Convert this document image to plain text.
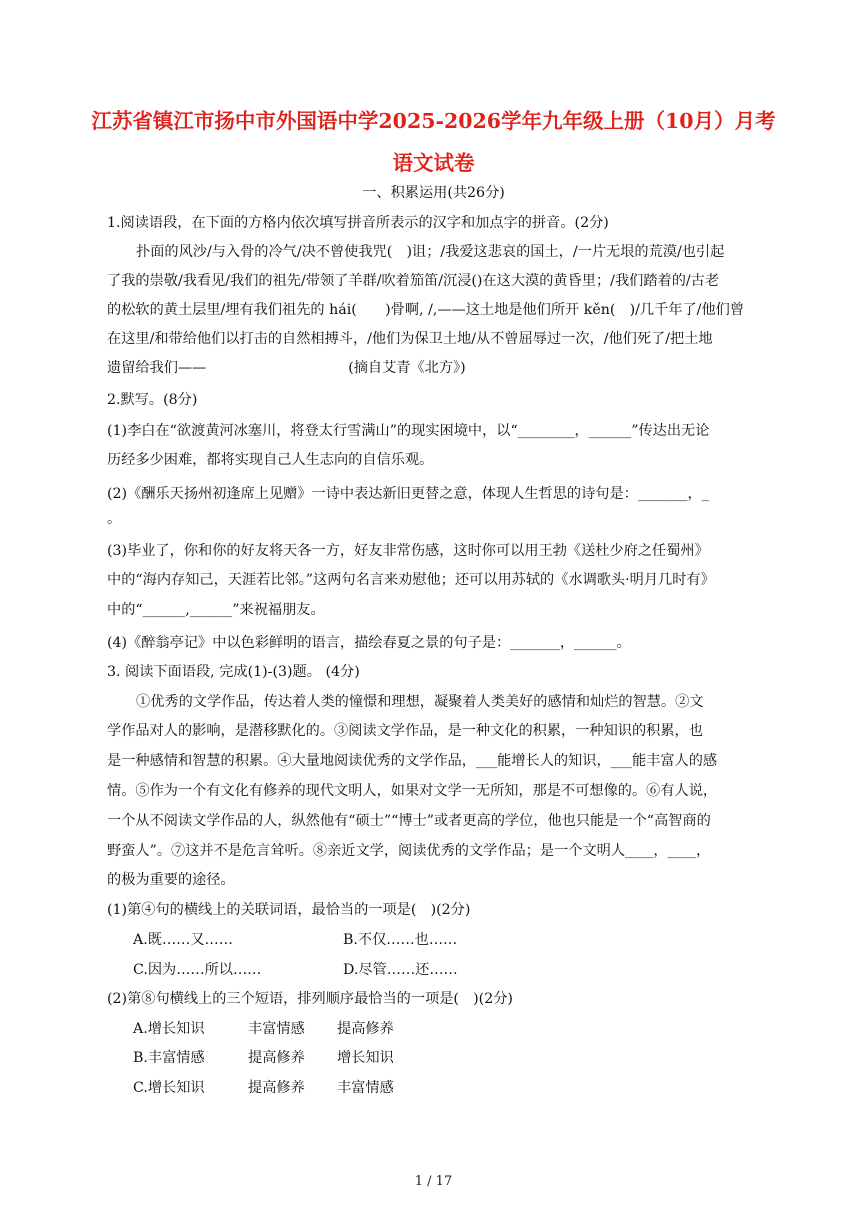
江苏省镇江市扬中市外国语中学2025-2026学年九年级上册（10月）月考
语文试卷
一、积累运用(共26分)
1.阅读语段，在下面的方格内依次填写拼音所表示的汉字和加点字的拼音。(2分)
扑面的风沙/与入骨的冷气/决不曾使我咒(　)诅；/我爱这悲哀的国土，/一片无垠的荒漠/也引起
了我的崇敬/我看见/我们的祖先/带领了羊群/吹着笳笛/沉浸()在这大漠的黄昏里；/我们踏着的/古老
的松软的黄土层里/埋有我们祖先的 hái(　　)骨啊, /,——这土地是他们所开 kěn(　)/几千年了/他们曾
在这里/和带给他们以打击的自然相搏斗，/他们为保卫土地/从不曾屈辱过一次，/他们死了/把土地
遗留给我们——　　　　　　　　　　(摘自艾青《北方》)
2.默写。(8分)
(1)李白在“欲渡黄河冰塞川，将登太行雪满山”的现实困境中，以“________，______”传达出无论
历经多少困难，都将实现自己人生志向的自信乐观。
(2)《酬乐天扬州初逢席上见赠》一诗中表达新旧更替之意，体现人生哲思的诗句是：_______，_
。
(3)毕业了，你和你的好友将天各一方，好友非常伤感，这时你可以用王勃《送杜少府之任蜀州》
中的“海内存知己，天涯若比邻。”这两句名言来劝慰他；还可以用苏轼的《水调歌头·明月几时有》
中的“______,______”来祝福朋友。
(4)《醉翁亭记》中以色彩鲜明的语言，描绘春夏之景的句子是：_______，______。
3. 阅读下面语段, 完成(1)-(3)题。 (4分)
①优秀的文学作品，传达着人类的憧憬和理想，凝聚着人类美好的感情和灿烂的智慧。②文
学作品对人的影响，是潜移默化的。③阅读文学作品，是一种文化的积累，一种知识的积累，也
是一种感情和智慧的积累。④大量地阅读优秀的文学作品，___能增长人的知识，___能丰富人的感
情。⑤作为一个有文化有修养的现代文明人，如果对文学一无所知，那是不可想像的。⑥有人说，
一个从不阅读文学作品的人，纵然他有“硕士”“博士”或者更高的学位，他也只能是一个“高智商的
野蛮人”。⑦这并不是危言耸听。⑧亲近文学，阅读优秀的文学作品；是一个文明人____，____，
的极为重要的途径。
(1)第④句的横线上的关联词语，最恰当的一项是(　)(2分)
A.既……又……	B.不仅……也……
C.因为……所以……	D.尽管……还……
(2)第⑧句横线上的三个短语，排列顺序最恰当的一项是(　)(2分)
A.增长知识	丰富情感 提高修养
B.丰富情感	提高修养 增长知识
C.增长知识	提高修养 丰富情感
1 / 17
